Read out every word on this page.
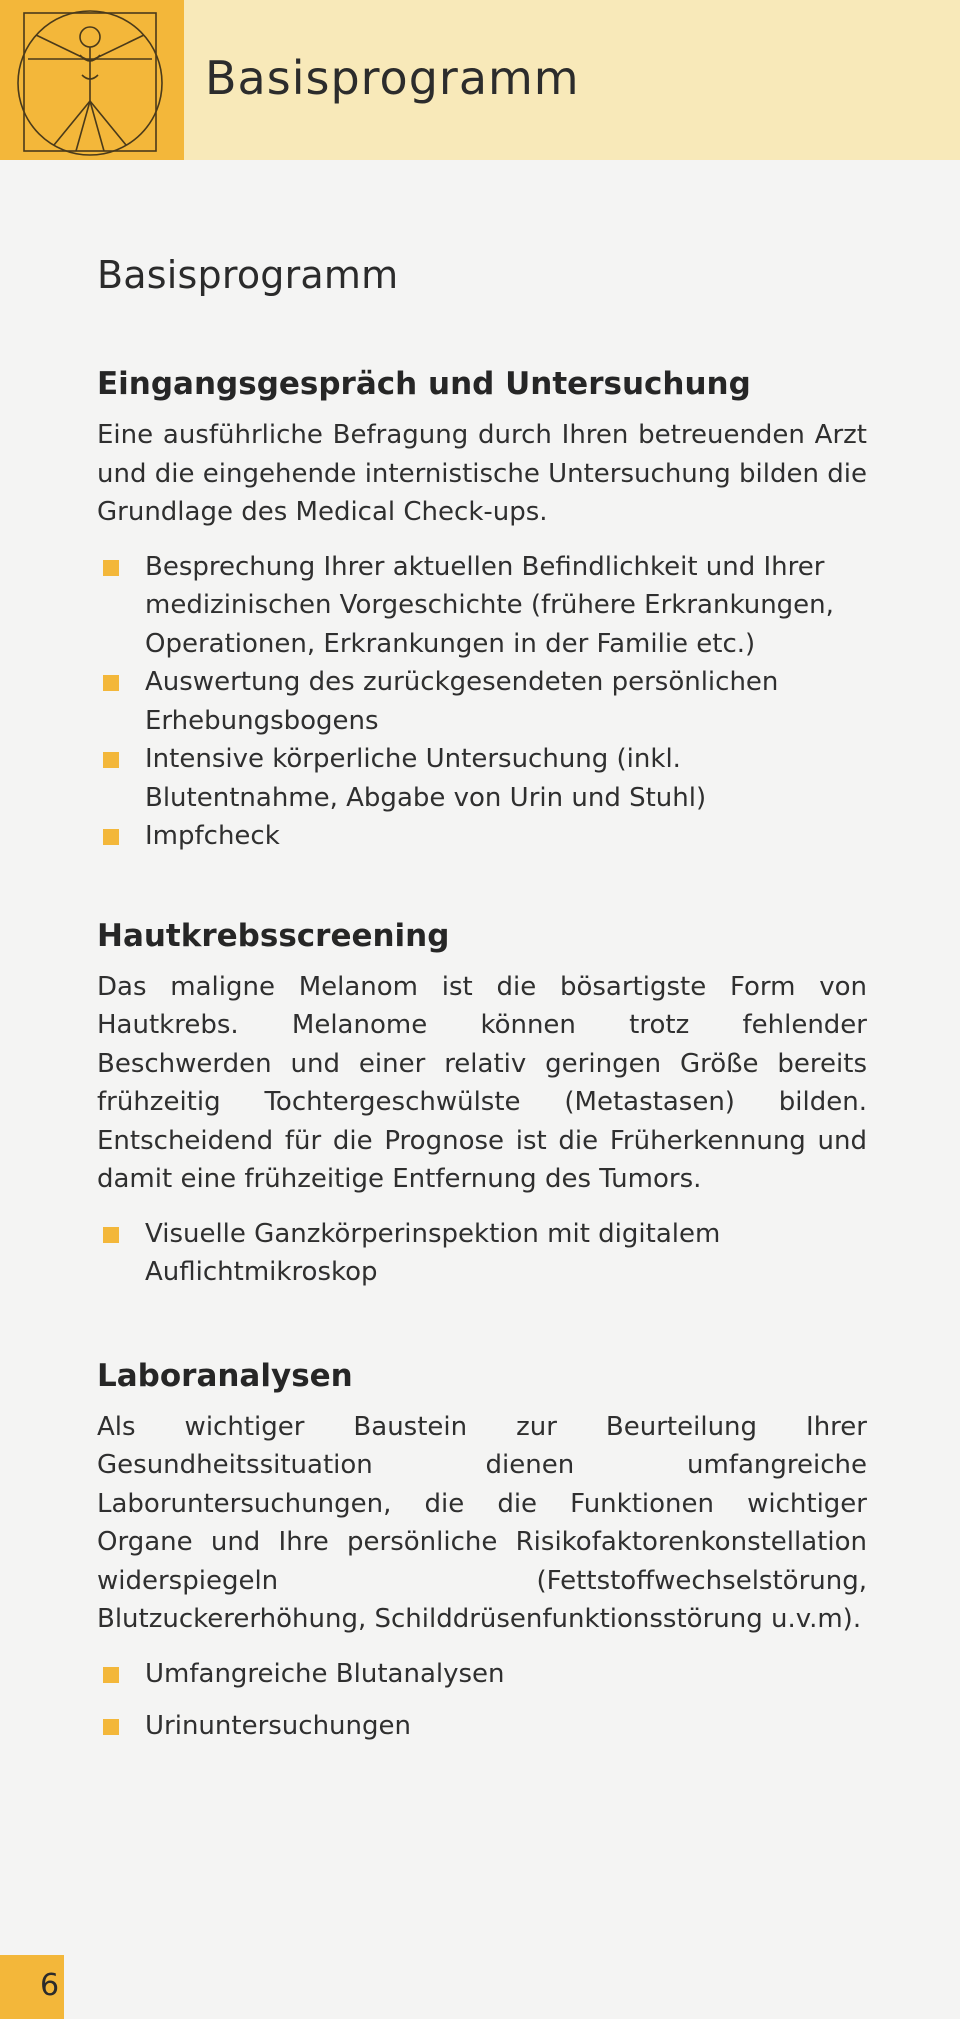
Basisprogramm
Basisprogramm
Eingangsgespräch und Untersuchung

Eine ausführliche Befragung durch Ihren betreuenden Arzt und die eingehende internistische Untersuchung bilden die Grundlage des Medical Check-ups.

Besprechung Ihrer aktuellen Befindlichkeit und Ihrer medizinischen Vorgeschichte (frühere Erkrankungen, Operationen, Erkrankungen in der Familie etc.)
Auswertung des zurückgesendeten persönlichen Erhebungsbogens
Intensive körperliche Untersuchung (inkl. Blutentnahme, Abgabe von Urin und Stuhl)
Impfcheck
Hautkrebsscreening

Das maligne Melanom ist die bösartigste Form von Hautkrebs. Melanome können trotz fehlender Beschwerden und einer relativ geringen Größe bereits frühzeitig Tochtergeschwülste (Metastasen) bilden. Entscheidend für die Prognose ist die Früherkennung und damit eine frühzeitige Entfernung des Tumors.

Visuelle Ganzkörperinspektion mit digitalem Auflichtmikroskop
Laboranalysen

Als wichtiger Baustein zur Beurteilung Ihrer Gesundheitssituation dienen umfangreiche Laboruntersuchungen, die die Funktionen wichtiger Organe und Ihre persönliche Risikofaktorenkonstellation widerspiegeln (Fettstoffwechselstörung, Blutzuckererhöhung, Schilddrüsenfunktionsstörung u.v.m).

Umfangreiche Blutanalysen
Urinuntersuchungen
6
